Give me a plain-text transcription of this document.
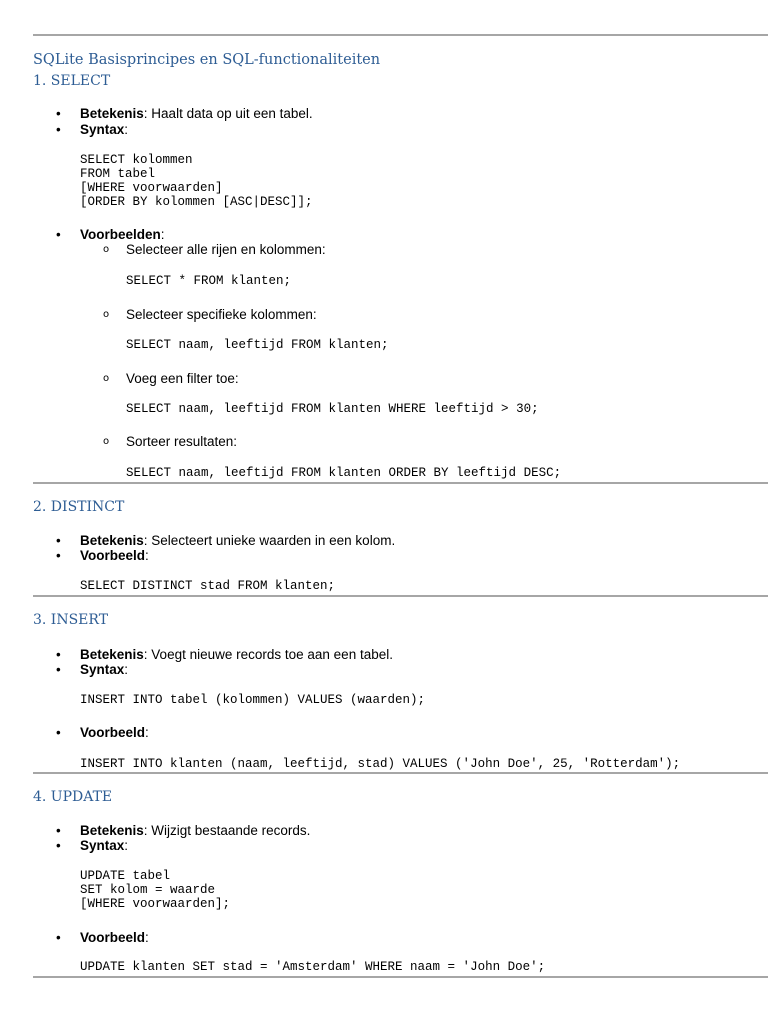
SQLite Basisprincipes en SQL-functionaliteiten
1. SELECT
• Betekenis: Haalt data op uit een tabel.
• Syntax:
SELECT kolommen
FROM tabel
[WHERE voorwaarden]
[ORDER BY kolommen [ASC|DESC]];
• Voorbeelden:
o Selecteer alle rijen en kolommen:
SELECT * FROM klanten;
o Selecteer specifieke kolommen:
SELECT naam, leeftijd FROM klanten;
o Voeg een filter toe:
SELECT naam, leeftijd FROM klanten WHERE leeftijd > 30;
o Sorteer resultaten:
SELECT naam, leeftijd FROM klanten ORDER BY leeftijd DESC;
2. DISTINCT
• Betekenis: Selecteert unieke waarden in een kolom.
• Voorbeeld:
SELECT DISTINCT stad FROM klanten;
3. INSERT
• Betekenis: Voegt nieuwe records toe aan een tabel.
• Syntax:
INSERT INTO tabel (kolommen) VALUES (waarden);
• Voorbeeld:
INSERT INTO klanten (naam, leeftijd, stad) VALUES ('John Doe', 25, 'Rotterdam');
4. UPDATE
• Betekenis: Wijzigt bestaande records.
• Syntax:
UPDATE tabel
SET kolom = waarde
[WHERE voorwaarden];
• Voorbeeld:
UPDATE klanten SET stad = 'Amsterdam' WHERE naam = 'John Doe';
